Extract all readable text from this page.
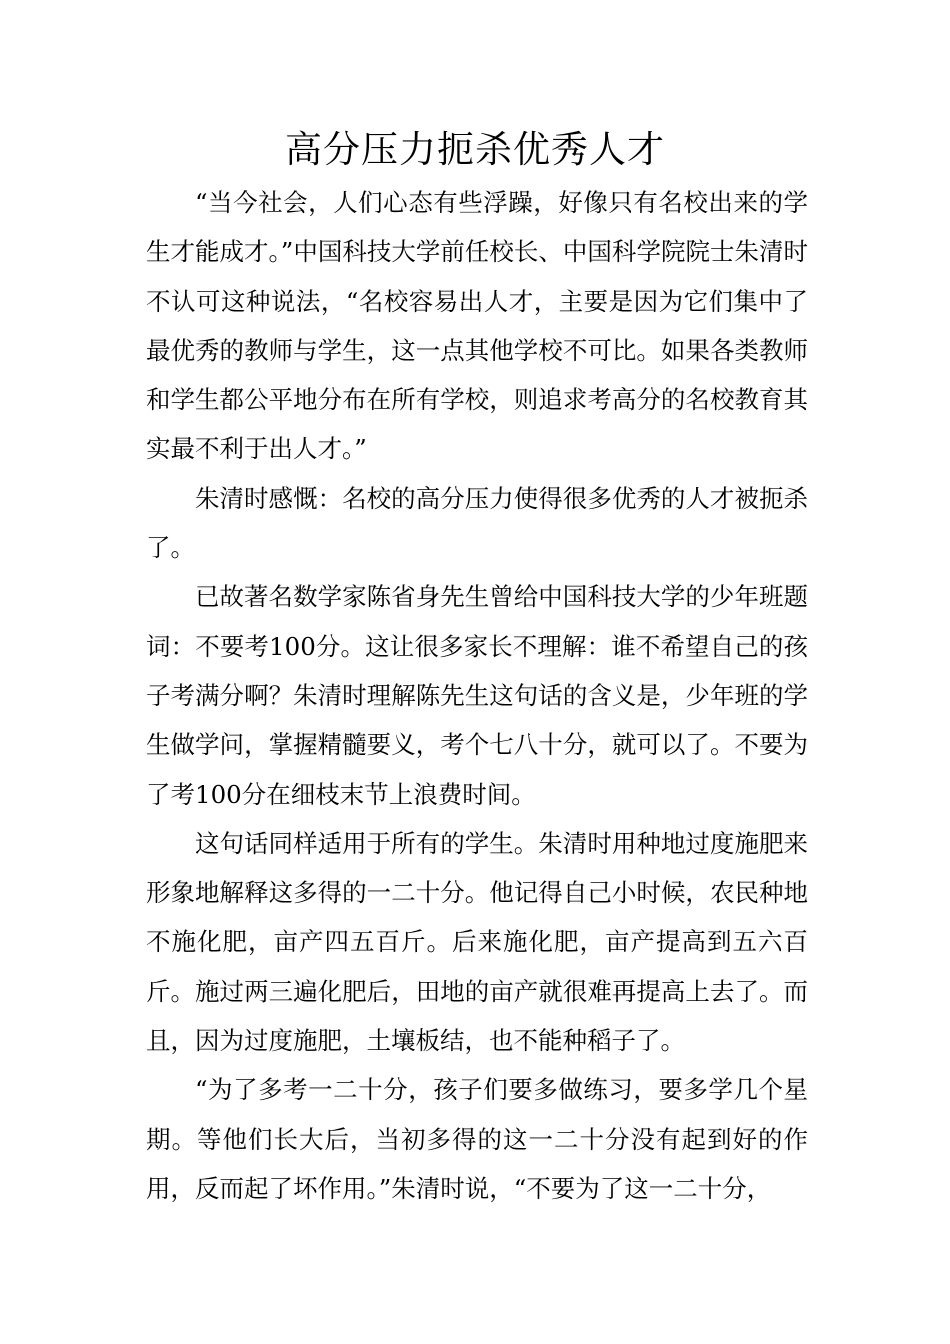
高分压力扼杀优秀人才

“当今社会，人们心态有些浮躁，好像只有名校出来的学生才能成才。”中国科技大学前任校长、中国科学院院士朱清时不认可这种说法，“名校容易出人才，主要是因为它们集中了最优秀的教师与学生，这一点其他学校不可比。如果各类教师和学生都公平地分布在所有学校，则追求考高分的名校教育其实最不利于出人才。”

朱清时感慨：名校的高分压力使得很多优秀的人才被扼杀了。

已故著名数学家陈省身先生曾给中国科技大学的少年班题词：不要考100分。这让很多家长不理解：谁不希望自己的孩子考满分啊？朱清时理解陈先生这句话的含义是，少年班的学生做学问，掌握精髓要义，考个七八十分，就可以了。不要为了考100分在细枝末节上浪费时间。

这句话同样适用于所有的学生。朱清时用种地过度施肥来形象地解释这多得的一二十分。他记得自己小时候，农民种地不施化肥，亩产四五百斤。后来施化肥，亩产提高到五六百斤。施过两三遍化肥后，田地的亩产就很难再提高上去了。而且，因为过度施肥，土壤板结，也不能种稻子了。

“为了多考一二十分，孩子们要多做练习，要多学几个星期。等他们长大后，当初多得的这一二十分没有起到好的作用，反而起了坏作用。”朱清时说，“不要为了这一二十分，
